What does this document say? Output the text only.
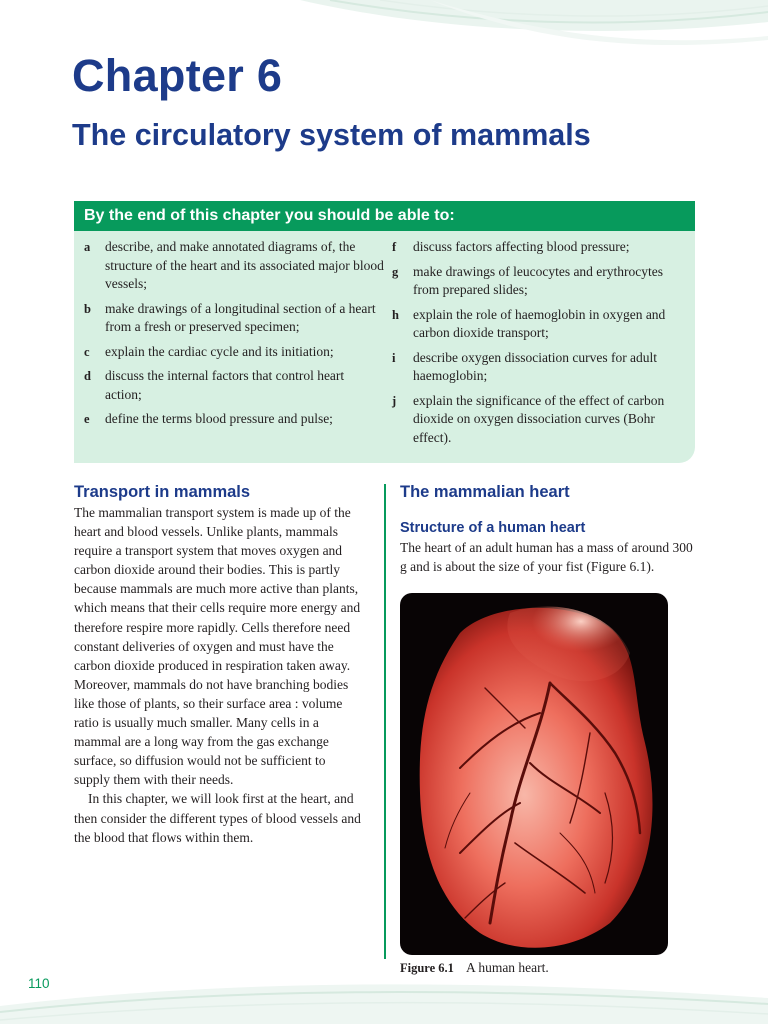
Chapter 6
The circulatory system of mammals
By the end of this chapter you should be able to:
a describe, and make annotated diagrams of, the structure of the heart and its associated major blood vessels;
b make drawings of a longitudinal section of a heart from a fresh or preserved specimen;
c explain the cardiac cycle and its initiation;
d discuss the internal factors that control heart action;
e define the terms blood pressure and pulse;
f discuss factors affecting blood pressure;
g make drawings of leucocytes and erythrocytes from prepared slides;
h explain the role of haemoglobin in oxygen and carbon dioxide transport;
i describe oxygen dissociation curves for adult haemoglobin;
j explain the significance of the effect of carbon dioxide on oxygen dissociation curves (Bohr effect).
Transport in mammals

The mammalian transport system is made up of the heart and blood vessels. Unlike plants, mammals require a transport system that moves oxygen and carbon dioxide around their bodies. This is partly because mammals are much more active than plants, which means that their cells require more energy and therefore respire more rapidly. Cells therefore need constant deliveries of oxygen and must have the carbon dioxide produced in respiration taken away. Moreover, mammals do not have branching bodies like those of plants, so their surface area : volume ratio is usually much smaller. Many cells in a mammal are a long way from the gas exchange surface, so diffusion would not be sufficient to supply them with their needs.

In this chapter, we will look first at the heart, and then consider the different types of blood vessels and the blood that flows within them.

The mammalian heart
Structure of a human heart

The heart of an adult human has a mass of around 300 g and is about the size of your fist (Figure 6.1).

Figure 6.1 A human heart.
110
